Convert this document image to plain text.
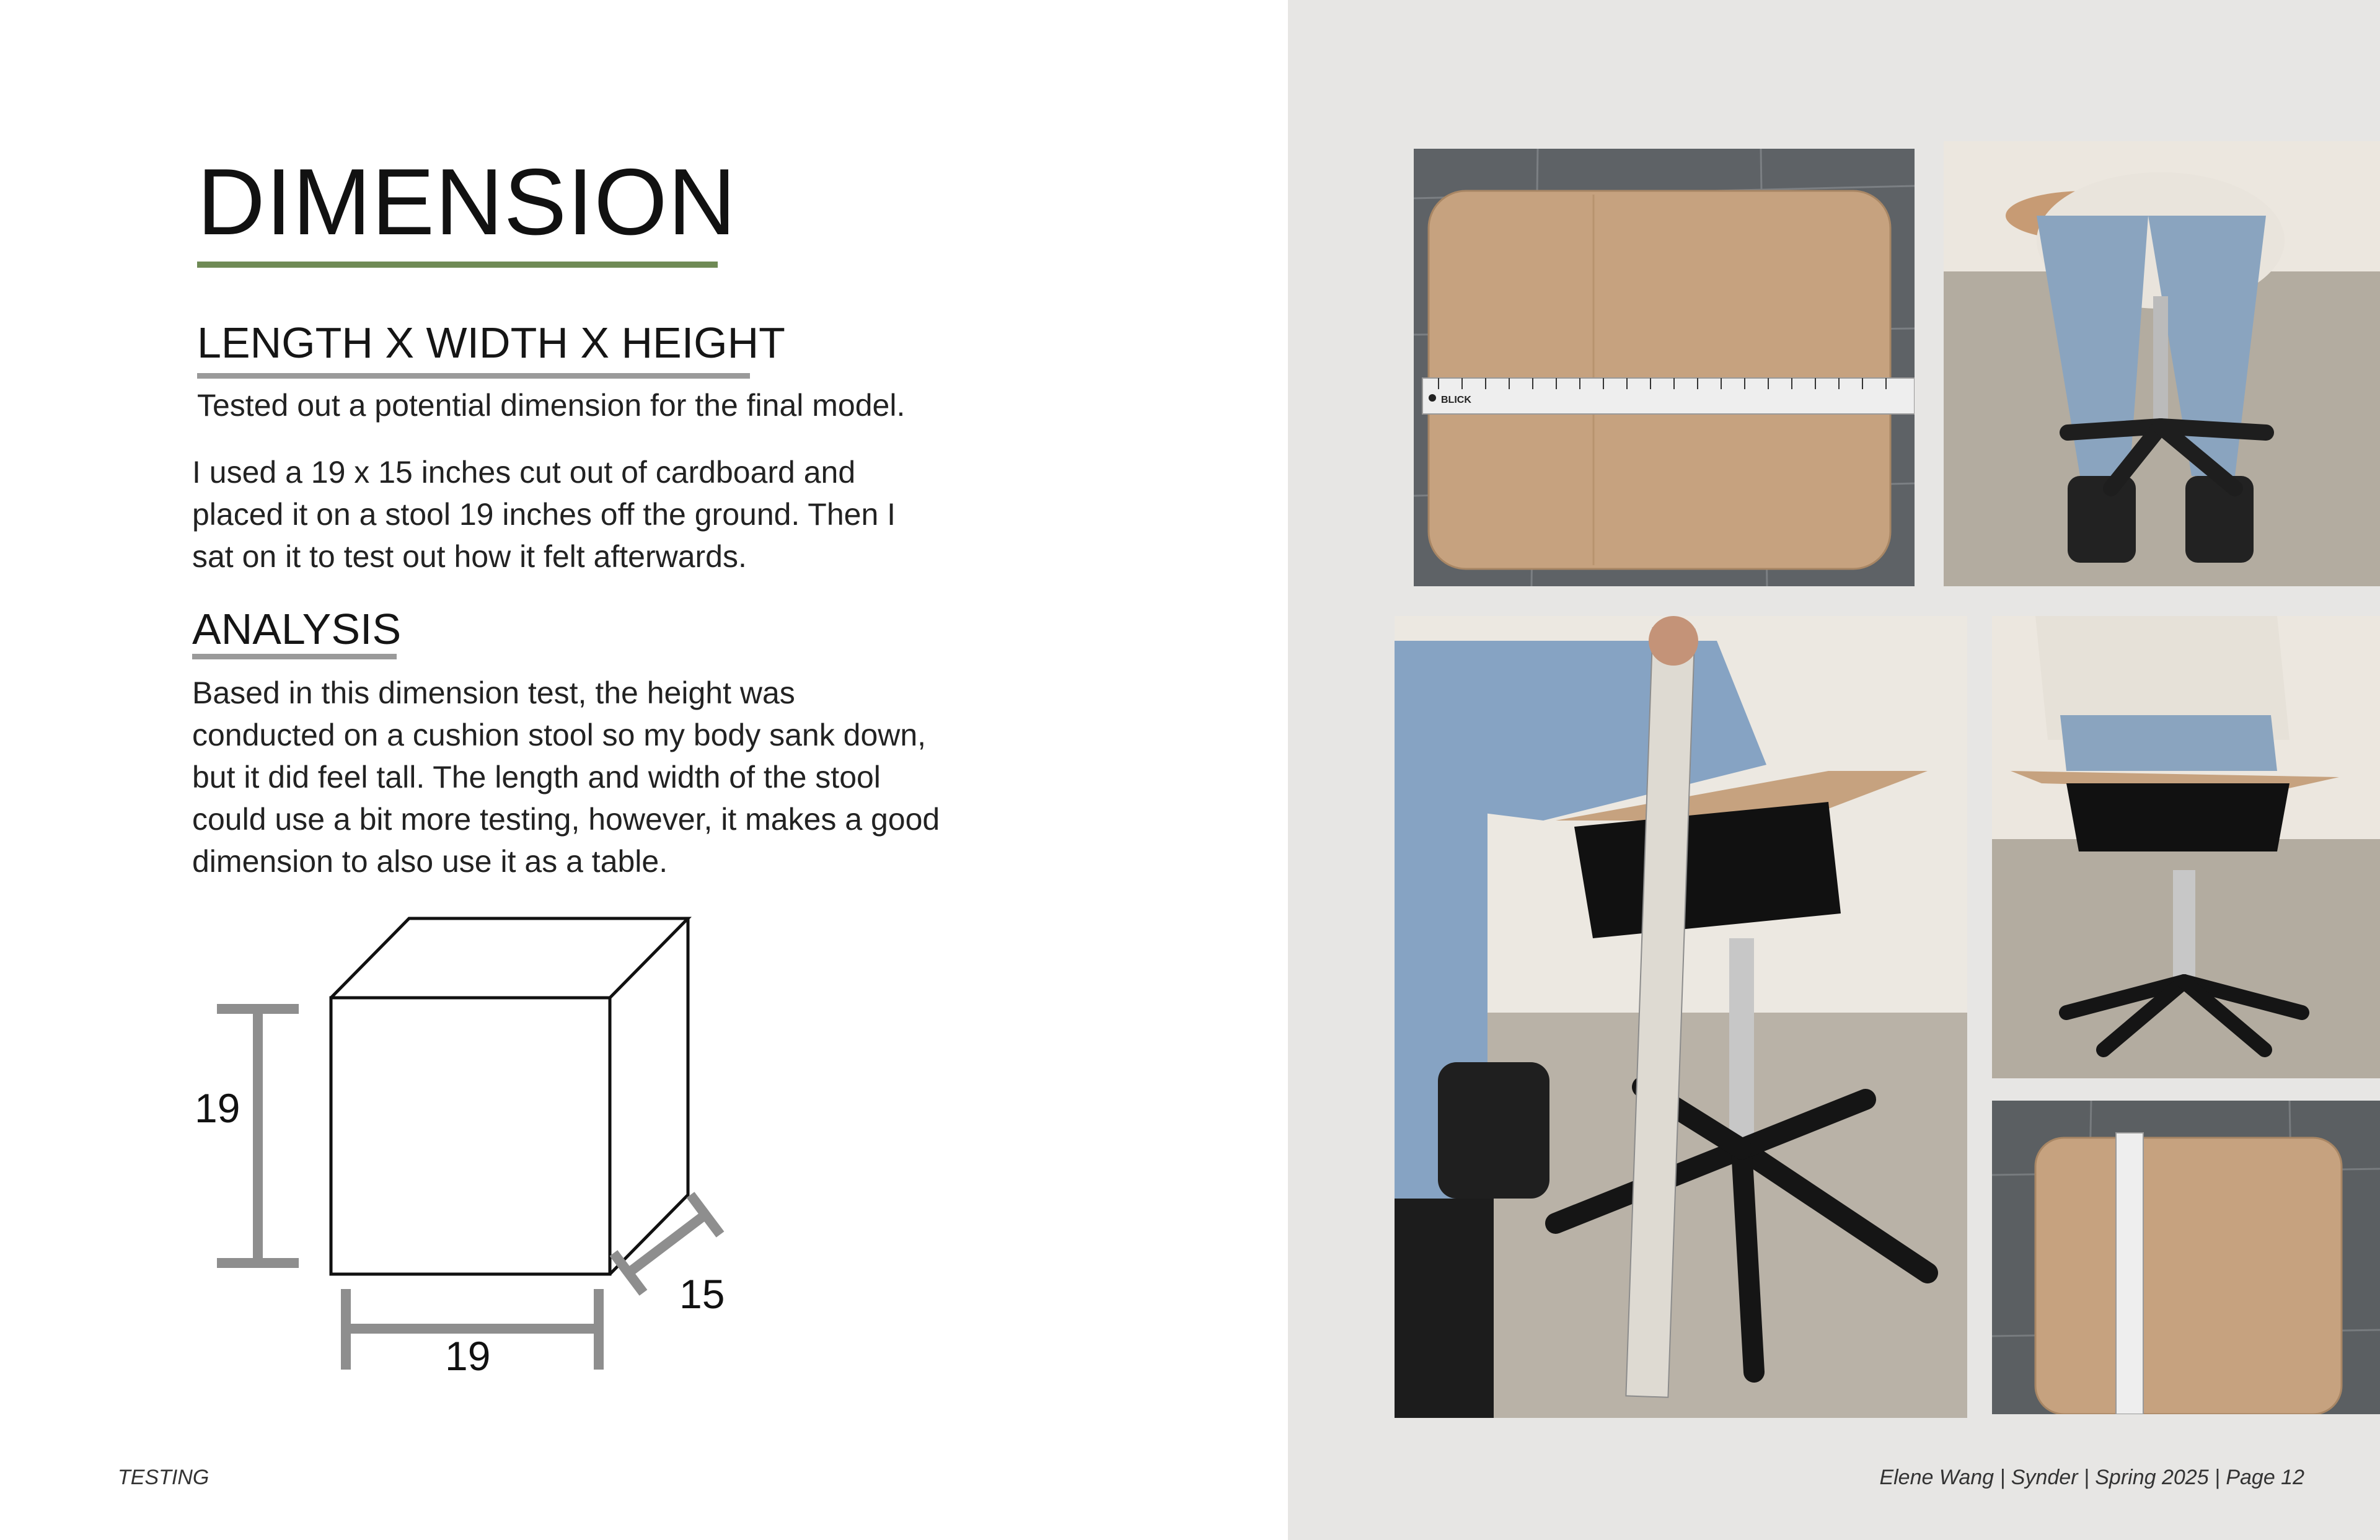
DIMENSION
LENGTH X WIDTH X HEIGHT
Tested out a potential dimension for the final model.
I used a 19 x 15 inches cut out of cardboard and
placed it on a stool 19 inches off the ground. Then I
sat on it to test out how it felt afterwards.
ANALYSIS
Based in this dimension test, the height was
conducted on a cushion stool so my body sank down,
but it did feel tall. The length and width of the stool
could use a bit more testing, however, it makes a good
dimension to also use it as a table.
19
19
15
TESTING
BLICK
Elene Wang | Synder | Spring 2025 | Page 12
